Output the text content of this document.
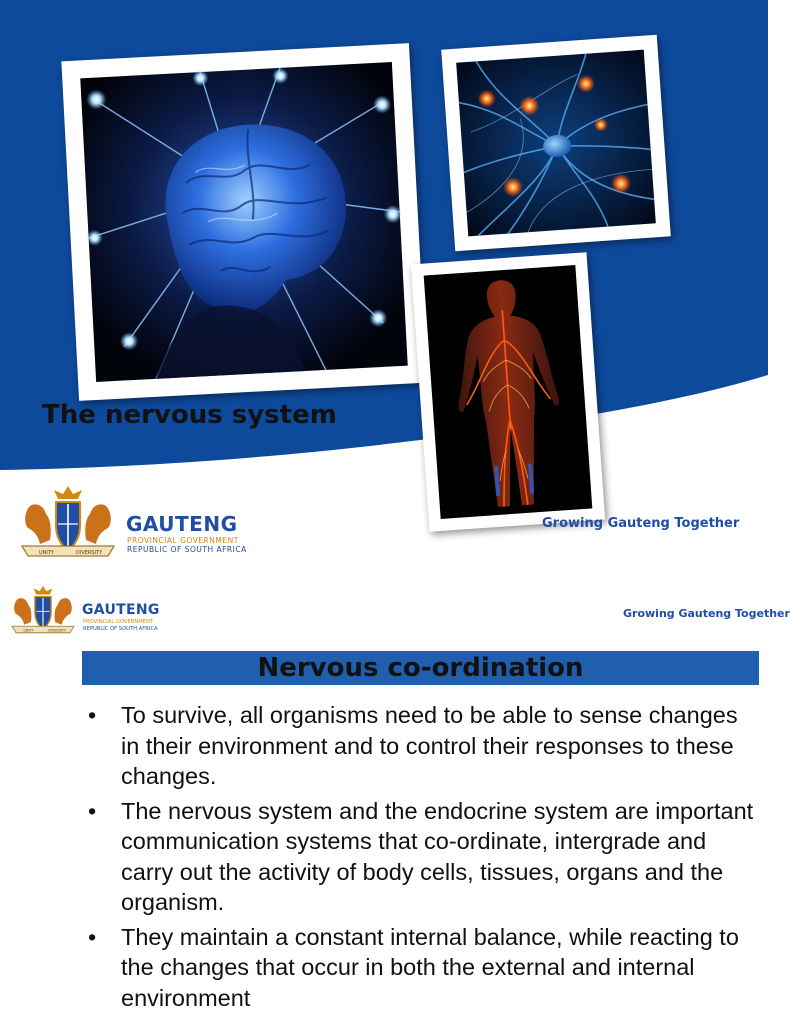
The nervous system
UNITY	DIVERSITY
GAUTENG
PROVINCIAL GOVERNMENT
REPUBLIC OF SOUTH AFRICA
Growing Gauteng Together
UNITY	DIVERSITY
GAUTENG
PROVINCIAL GOVERNMENT
REPUBLIC OF SOUTH AFRICA
Growing Gauteng Together
Nervous co-ordination
• To survive, all organisms need to be able to sense changes in their environment and to control their responses to these changes.
• The nervous system and the endocrine system are important communication systems that co-ordinate, intergrade and carry out the activity of body cells, tissues, organs and the organism.
• They maintain a constant internal balance, while reacting to the changes that occur in both the external and internal environment
